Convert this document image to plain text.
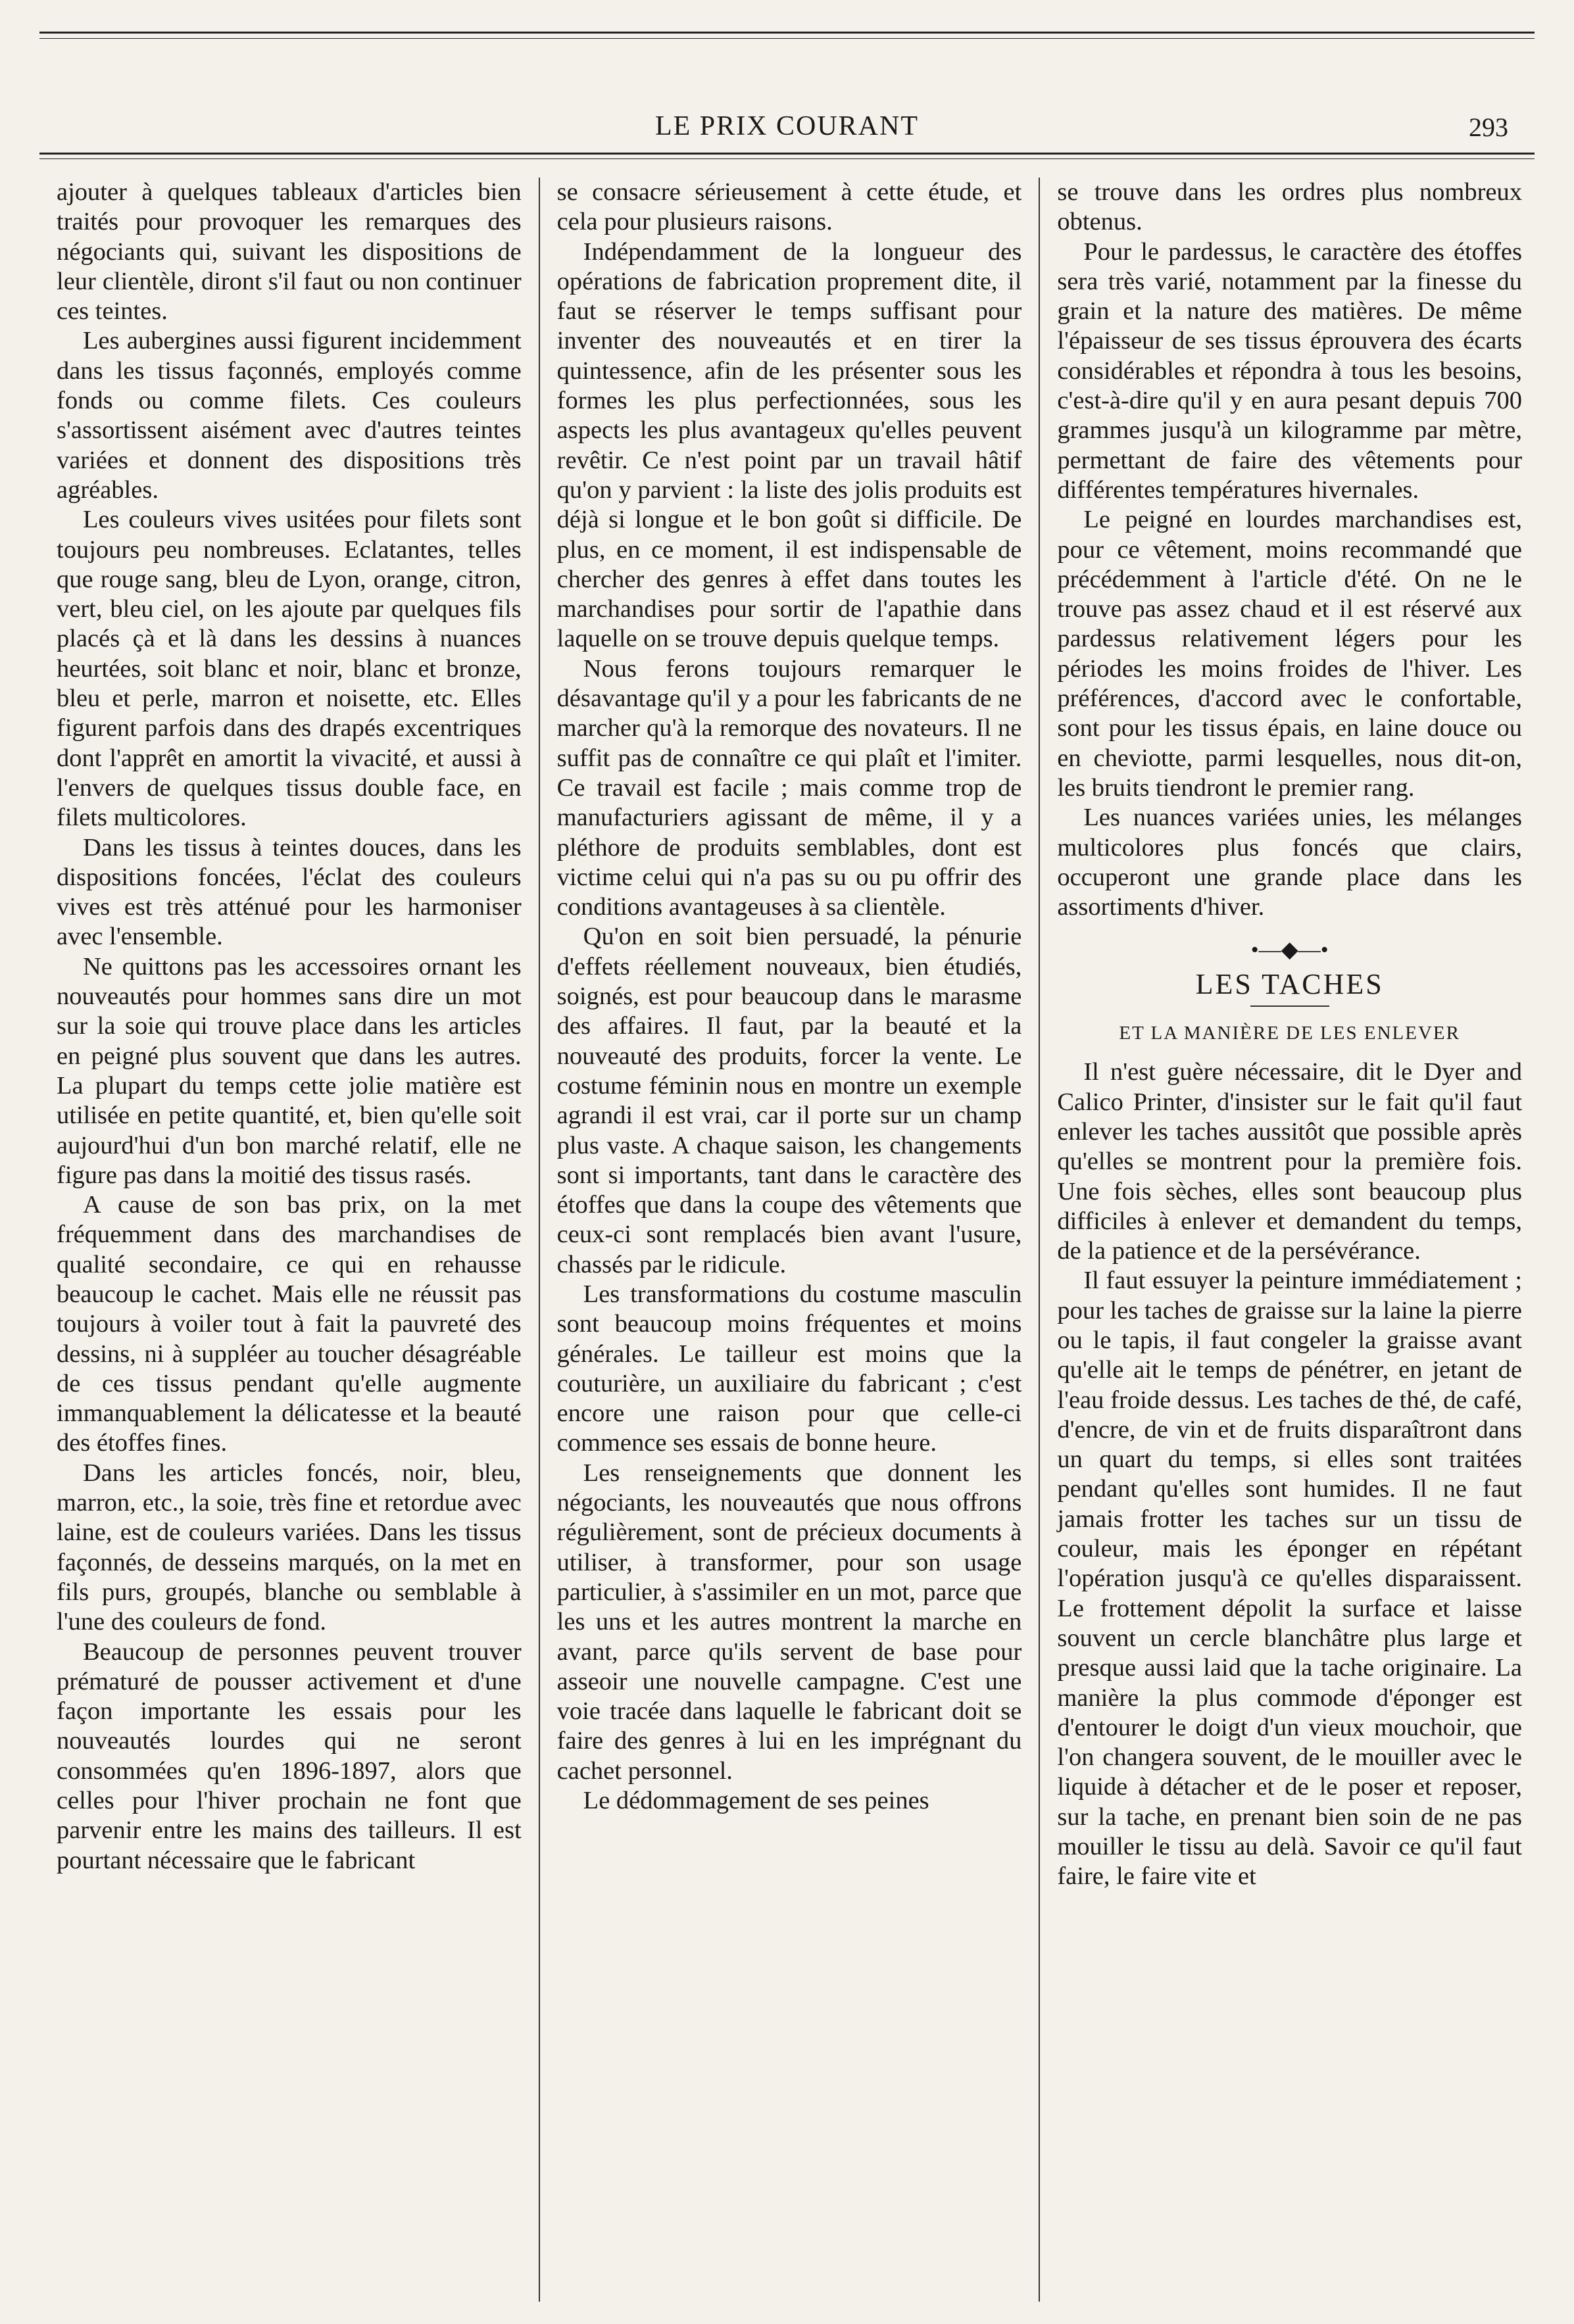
LE PRIX COURANT	293

ajouter à quelques tableaux d'articles bien traités pour provoquer les remarques des négociants qui, suivant les dispositions de leur clientèle, diront s'il faut ou non continuer ces teintes.

Les aubergines aussi figurent incidemment dans les tissus façonnés, employés comme fonds ou comme filets. Ces couleurs s'assortissent aisément avec d'autres teintes variées et donnent des dispositions très agréables.

Les couleurs vives usitées pour filets sont toujours peu nombreuses. Eclatantes, telles que rouge sang, bleu de Lyon, orange, citron, vert, bleu ciel, on les ajoute par quelques fils placés çà et là dans les dessins à nuances heurtées, soit blanc et noir, blanc et bronze, bleu et perle, marron et noisette, etc. Elles figurent parfois dans des drapés excentriques dont l'apprêt en amortit la vivacité, et aussi à l'envers de quelques tissus double face, en filets multicolores.

Dans les tissus à teintes douces, dans les dispositions foncées, l'éclat des couleurs vives est très atténué pour les harmoniser avec l'ensemble.

Ne quittons pas les accessoires ornant les nouveautés pour hommes sans dire un mot sur la soie qui trouve place dans les articles en peigné plus souvent que dans les autres. La plupart du temps cette jolie matière est utilisée en petite quantité, et, bien qu'elle soit aujourd'hui d'un bon marché relatif, elle ne figure pas dans la moitié des tissus rasés.

A cause de son bas prix, on la met fréquemment dans des marchandises de qualité secondaire, ce qui en rehausse beaucoup le cachet. Mais elle ne réussit pas toujours à voiler tout à fait la pauvreté des dessins, ni à suppléer au toucher désagréable de ces tissus pendant qu'elle augmente immanquablement la délicatesse et la beauté des étoffes fines.

Dans les articles foncés, noir, bleu, marron, etc., la soie, très fine et retordue avec laine, est de couleurs variées. Dans les tissus façonnés, de desseins marqués, on la met en fils purs, groupés, blanche ou semblable à l'une des couleurs de fond.

Beaucoup de personnes peuvent trouver prématuré de pousser activement et d'une façon importante les essais pour les nouveautés lourdes qui ne seront consommées qu'en 1896-1897, alors que celles pour l'hiver prochain ne font que parvenir entre les mains des tailleurs. Il est pourtant nécessaire que le fabricant

se consacre sérieusement à cette étude, et cela pour plusieurs raisons.

Indépendamment de la longueur des opérations de fabrication proprement dite, il faut se réserver le temps suffisant pour inventer des nouveautés et en tirer la quintessence, afin de les présenter sous les formes les plus perfectionnées, sous les aspects les plus avantageux qu'elles peuvent revêtir. Ce n'est point par un travail hâtif qu'on y parvient : la liste des jolis produits est déjà si longue et le bon goût si difficile. De plus, en ce moment, il est indispensable de chercher des genres à effet dans toutes les marchandises pour sortir de l'apathie dans laquelle on se trouve depuis quelque temps.

Nous ferons toujours remarquer le désavantage qu'il y a pour les fabricants de ne marcher qu'à la remorque des novateurs. Il ne suffit pas de connaître ce qui plaît et l'imiter. Ce travail est facile ; mais comme trop de manufacturiers agissant de même, il y a pléthore de produits semblables, dont est victime celui qui n'a pas su ou pu offrir des conditions avantageuses à sa clientèle.

Qu'on en soit bien persuadé, la pénurie d'effets réellement nouveaux, bien étudiés, soignés, est pour beaucoup dans le marasme des affaires. Il faut, par la beauté et la nouveauté des produits, forcer la vente. Le costume féminin nous en montre un exemple agrandi il est vrai, car il porte sur un champ plus vaste. A chaque saison, les changements sont si importants, tant dans le caractère des étoffes que dans la coupe des vêtements que ceux-ci sont remplacés bien avant l'usure, chassés par le ridicule.

Les transformations du costume masculin sont beaucoup moins fréquentes et moins générales. Le tailleur est moins que la couturière, un auxiliaire du fabricant ; c'est encore une raison pour que celle-ci commence ses essais de bonne heure.

Les renseignements que donnent les négociants, les nouveautés que nous offrons régulièrement, sont de précieux documents à utiliser, à transformer, pour son usage particulier, à s'assimiler en un mot, parce que les uns et les autres montrent la marche en avant, parce qu'ils servent de base pour asseoir une nouvelle campagne. C'est une voie tracée dans laquelle le fabricant doit se faire des genres à lui en les imprégnant du cachet personnel.

Le dédommagement de ses peines

se trouve dans les ordres plus nombreux obtenus.

Pour le pardessus, le caractère des étoffes sera très varié, notamment par la finesse du grain et la nature des matières. De même l'épaisseur de ses tissus éprouvera des écarts considérables et répondra à tous les besoins, c'est-à-dire qu'il y en aura pesant depuis 700 grammes jusqu'à un kilogramme par mètre, permettant de faire des vêtements pour différentes températures hivernales.

Le peigné en lourdes marchandises est, pour ce vêtement, moins recommandé que précédemment à l'article d'été. On ne le trouve pas assez chaud et il est réservé aux pardessus relativement légers pour les périodes les moins froides de l'hiver. Les préférences, d'accord avec le confortable, sont pour les tissus épais, en laine douce ou en cheviotte, parmi lesquelles, nous dit-on, les bruits tiendront le premier rang.

Les nuances variées unies, les mélanges multicolores plus foncés que clairs, occuperont une grande place dans les assortiments d'hiver.

•—◆—•
LES TACHES
ET LA MANIÈRE DE LES ENLEVER

Il n'est guère nécessaire, dit le Dyer and Calico Printer, d'insister sur le fait qu'il faut enlever les taches aussitôt que possible après qu'elles se montrent pour la première fois. Une fois sèches, elles sont beaucoup plus difficiles à enlever et demandent du temps, de la patience et de la persévérance.

Il faut essuyer la peinture immédiatement ; pour les taches de graisse sur la laine la pierre ou le tapis, il faut congeler la graisse avant qu'elle ait le temps de pénétrer, en jetant de l'eau froide dessus. Les taches de thé, de café, d'encre, de vin et de fruits disparaîtront dans un quart du temps, si elles sont traitées pendant qu'elles sont humides. Il ne faut jamais frotter les taches sur un tissu de couleur, mais les éponger en répétant l'opération jusqu'à ce qu'elles disparaissent. Le frottement dépolit la surface et laisse souvent un cercle blanchâtre plus large et presque aussi laid que la tache originaire. La manière la plus commode d'éponger est d'entourer le doigt d'un vieux mouchoir, que l'on changera souvent, de le mouiller avec le liquide à détacher et de le poser et reposer, sur la tache, en prenant bien soin de ne pas mouiller le tissu au delà. Savoir ce qu'il faut faire, le faire vite et
